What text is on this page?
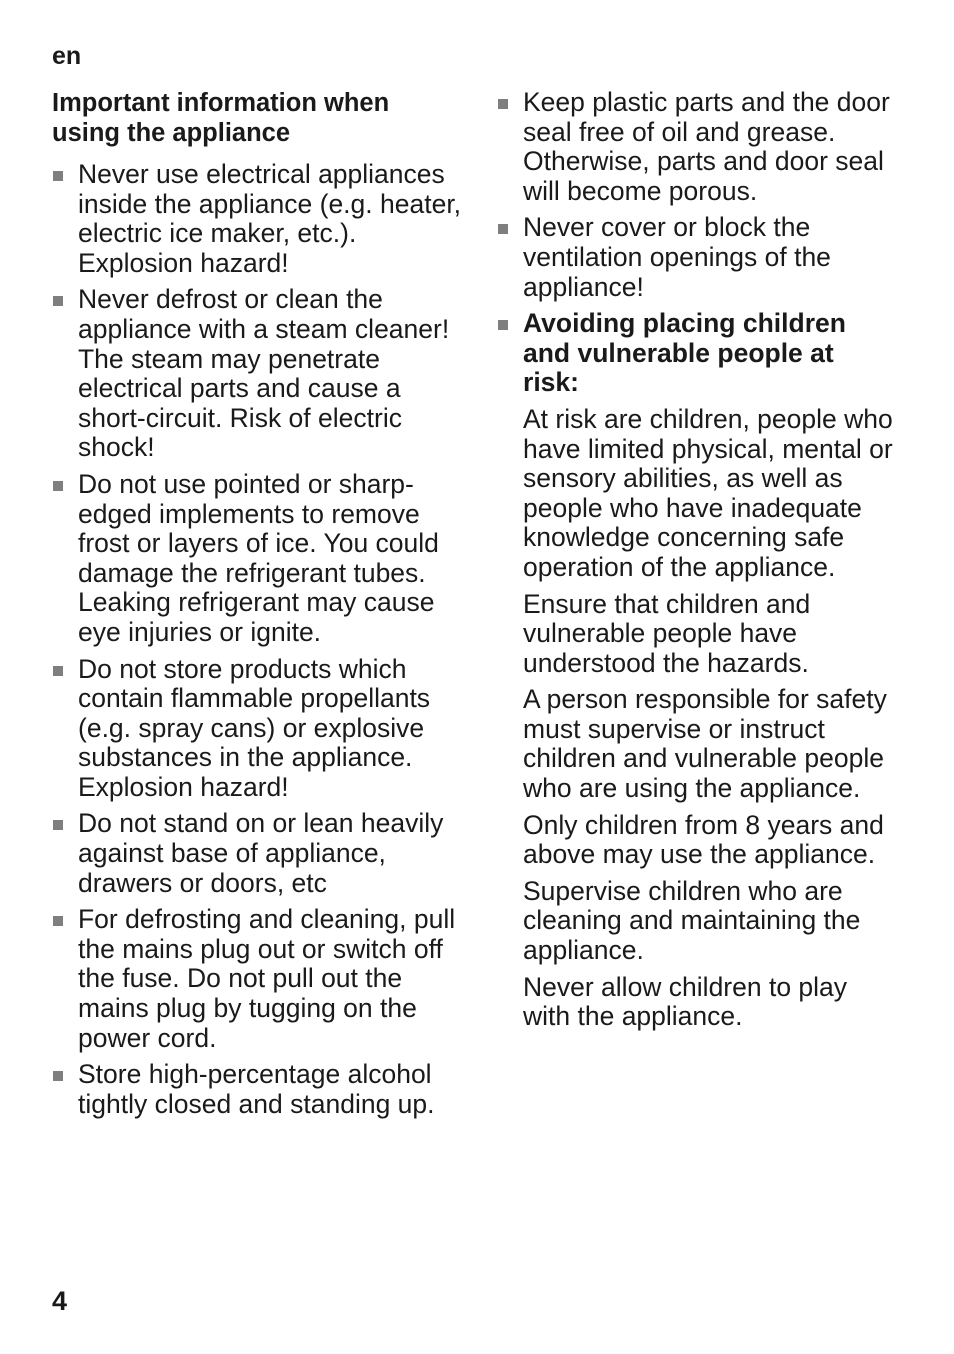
en
Important information when using the appliance
Never use electrical appliances inside the appliance (e.g. heater, electric ice maker, etc.). Explosion hazard!
Never defrost or clean the appliance with a steam cleaner! The steam may penetrate electrical parts and cause a short-circuit. Risk of electric shock!
Do not use pointed or sharp-edged implements to remove frost or layers of ice. You could damage the refrigerant tubes. Leaking refrigerant may cause eye injuries or ignite.
Do not store products which contain flammable propellants (e.g. spray cans) or explosive substances in the appliance. Explosion hazard!
Do not stand on or lean heavily against base of appliance, drawers or doors, etc
For defrosting and cleaning, pull the mains plug out or switch off the fuse. Do not pull out the mains plug by tugging on the power cord.
Store high-percentage alcohol tightly closed and standing up.
Keep plastic parts and the door seal free of oil and grease. Otherwise, parts and door seal will become porous.
Never cover or block the ventilation openings of the appliance!
Avoiding placing children and vulnerable people at risk:
At risk are children, people who have limited physical, mental or sensory abilities, as well as people who have inadequate knowledge concerning safe operation of the appliance.
Ensure that children and vulnerable people have understood the hazards.
A person responsible for safety must supervise or instruct children and vulnerable people who are using the appliance.
Only children from 8 years and above may use the appliance.
Supervise children who are cleaning and maintaining the appliance.
Never allow children to play with the appliance.
4
